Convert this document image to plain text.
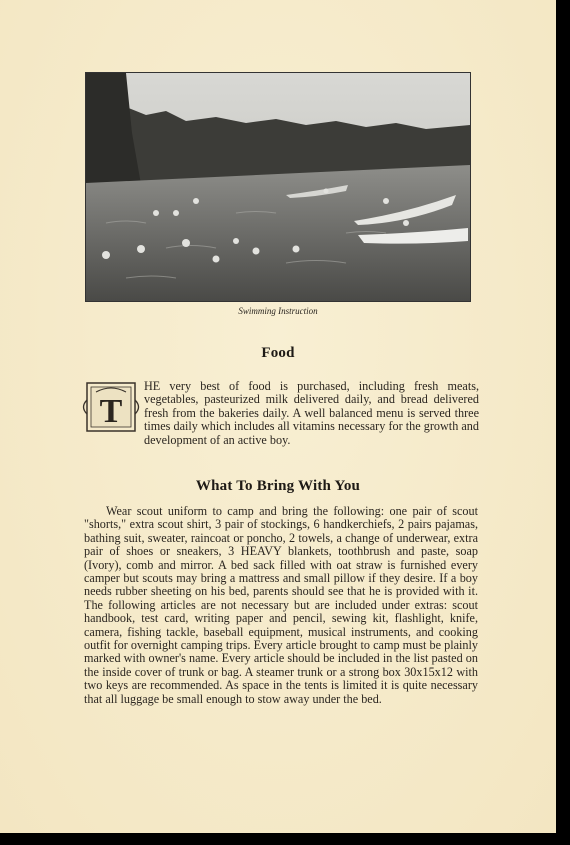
Swimming Instruction
Food
T
HE very best of food is purchased, including fresh meats, vegetables, pasteurized milk delivered daily, and bread delivered fresh from the bakeries daily. A well balanced menu is served three times daily which includes all vitamins necessary for the growth and development of an active boy.
What To Bring With You
Wear scout uniform to camp and bring the following: one pair of scout "shorts," extra scout shirt, 3 pair of stockings, 6 handkerchiefs, 2 pairs pajamas, bathing suit, sweater, raincoat or poncho, 2 towels, a change of underwear, extra pair of shoes or sneakers, 3 HEAVY blankets, toothbrush and paste, soap (Ivory), comb and mirror. A bed sack filled with oat straw is furnished every camper but scouts may bring a mattress and small pillow if they desire. If a boy needs rubber sheeting on his bed, parents should see that he is provided with it. The following articles are not necessary but are included under extras: scout handbook, test card, writing paper and pencil, sewing kit, flashlight, knife, camera, fishing tackle, baseball equipment, musical instruments, and cooking outfit for overnight camping trips. Every article brought to camp must be plainly marked with owner's name. Every article should be included in the list pasted on the inside cover of trunk or bag. A steamer trunk or a strong box 30x15x12 with two keys are recommended. As space in the tents is limited it is quite necessary that all luggage be small enough to stow away under the bed.
